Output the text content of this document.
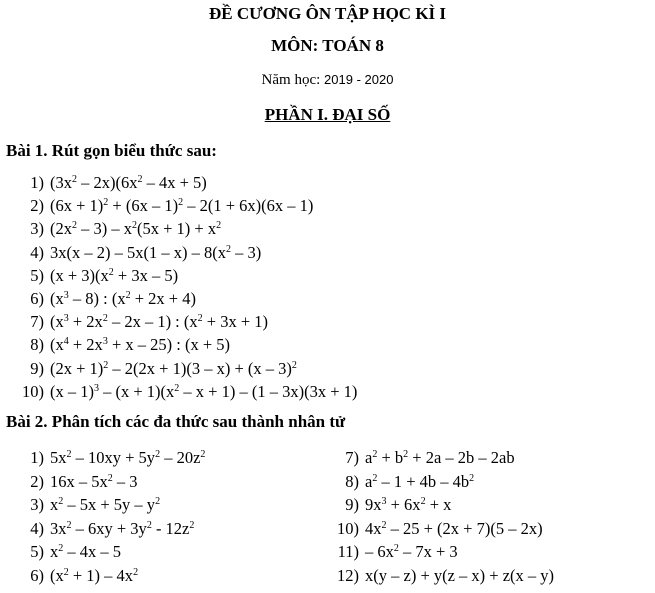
ĐỀ CƯƠNG ÔN TẬP HỌC KÌ I
MÔN: TOÁN 8
Năm học: 2019 - 2020
PHẦN I. ĐẠI SỐ
Bài 1. Rút gọn biểu thức sau:
1) $(3x^2 - 2x)(6x^2 - 4x + 5)$
2) $(6x + 1)^2 + (6x - 1)^2 - 2(1 + 6x)(6x - 1)$
3) $(2x^2 - 3) - x^2(5x + 1) + x^2$
4) $3x(x - 2) - 5x(1 - x) - 8(x^2 - 3)$
5) $(x + 3)(x^2 + 3x - 5)$
6) $(x^3 - 8)$ : $(x^2 + 2x + 4)$
7) $(x^3 + 2x^2 - 2x - 1)$ : $(x^2 + 3x + 1)$
8) $(x^4 + 2x^3 + x - 25)$ : (x + 5)
9) $(2x + 1)^2 - 2(2x + 1)(3 - x) + (x - 3)^2$
10) $(x - 1)^3 - (x + 1)(x^2 - x + 1) - (1 - 3x)(3x + 1)$
Bài 2. Phân tích các đa thức sau thành nhân tử
1) $5x^2 - 10xy + 5y^2 - 20z^2$
2) $16x - 5x^2 - 3$
3) $x^2 - 5x + 5y - y^2$
4) $3x^2 - 6xy + 3y^2 - 12z^2$
5) $x^2 - 4x - 5$
6) $(x^2 + 1) - 4x^2$
7) $a^2 + b^2 + 2a - 2b - 2ab$
8) $a^2 - 1 + 4b - 4b^2$
9) $9x^3 + 6x^2 + x$
10) $4x^2 - 25 + (2x + 7)(5 - 2x)$
$11) - 6x^2 - 7x + 3$
12) x(y – z) + y(z – x) + z(x – y)
